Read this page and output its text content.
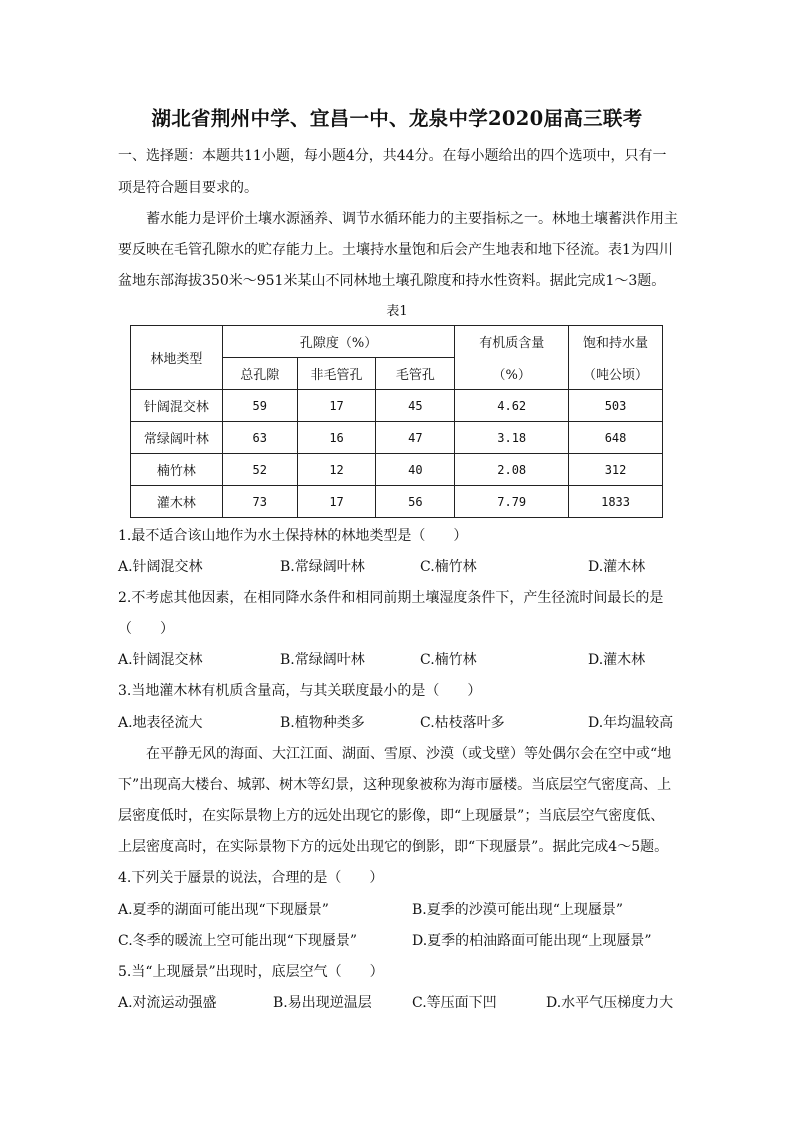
湖北省荆州中学、宜昌一中、龙泉中学2020届高三联考
一、选择题：本题共11小题，每小题4分，共44分。在每小题给出的四个选项中，只有一
项是符合题目要求的。
蓄水能力是评价土壤水源涵养、调节水循环能力的主要指标之一。林地土壤蓄洪作用主
要反映在毛管孔隙水的贮存能力上。土壤持水量饱和后会产生地表和地下径流。表1为四川
盆地东部海拔350米～951米某山不同林地土壤孔隙度和持水性资料。据此完成1～3题。
表1
林地类型	孔隙度（%）			有机质含量	饱和持水量
	总孔隙	非毛管孔	毛管孔	（%）	（吨公顷）
针阔混交林	59	17	45	4.62	503
常绿阔叶林	63	16	47	3.18	648
楠竹林	52	12	40	2.08	312
灌木林	73	17	56	7.79	1833
1.最不适合该山地作为水土保持林的林地类型是（　　）
A.针阔混交林	B.常绿阔叶林	C.楠竹林	D.灌木林
2.不考虑其他因素，在相同降水条件和相同前期土壤湿度条件下，产生径流时间最长的是
（　　）
A.针阔混交林	B.常绿阔叶林	C.楠竹林	D.灌木林
3.当地灌木林有机质含量高，与其关联度最小的是（　　）
A.地表径流大	B.植物种类多	C.枯枝落叶多	D.年均温较高
在平静无风的海面、大江江面、湖面、雪原、沙漠（或戈壁）等处偶尔会在空中或“地
下”出现高大楼台、城郭、树木等幻景，这种现象被称为海市蜃楼。当底层空气密度高、上
层密度低时，在实际景物上方的远处出现它的影像，即“上现蜃景”；当底层空气密度低、
上层密度高时，在实际景物下方的远处出现它的倒影，即“下现蜃景”。据此完成4～5题。
4.下列关于蜃景的说法，合理的是（　　）
A.夏季的湖面可能出现“下现蜃景”	B.夏季的沙漠可能出现“上现蜃景”
C.冬季的暖流上空可能出现“下现蜃景”	D.夏季的柏油路面可能出现“上现蜃景”
5.当“上现蜃景”出现时，底层空气（　　）
A.对流运动强盛	B.易出现逆温层	C.等压面下凹	D.水平气压梯度力大
